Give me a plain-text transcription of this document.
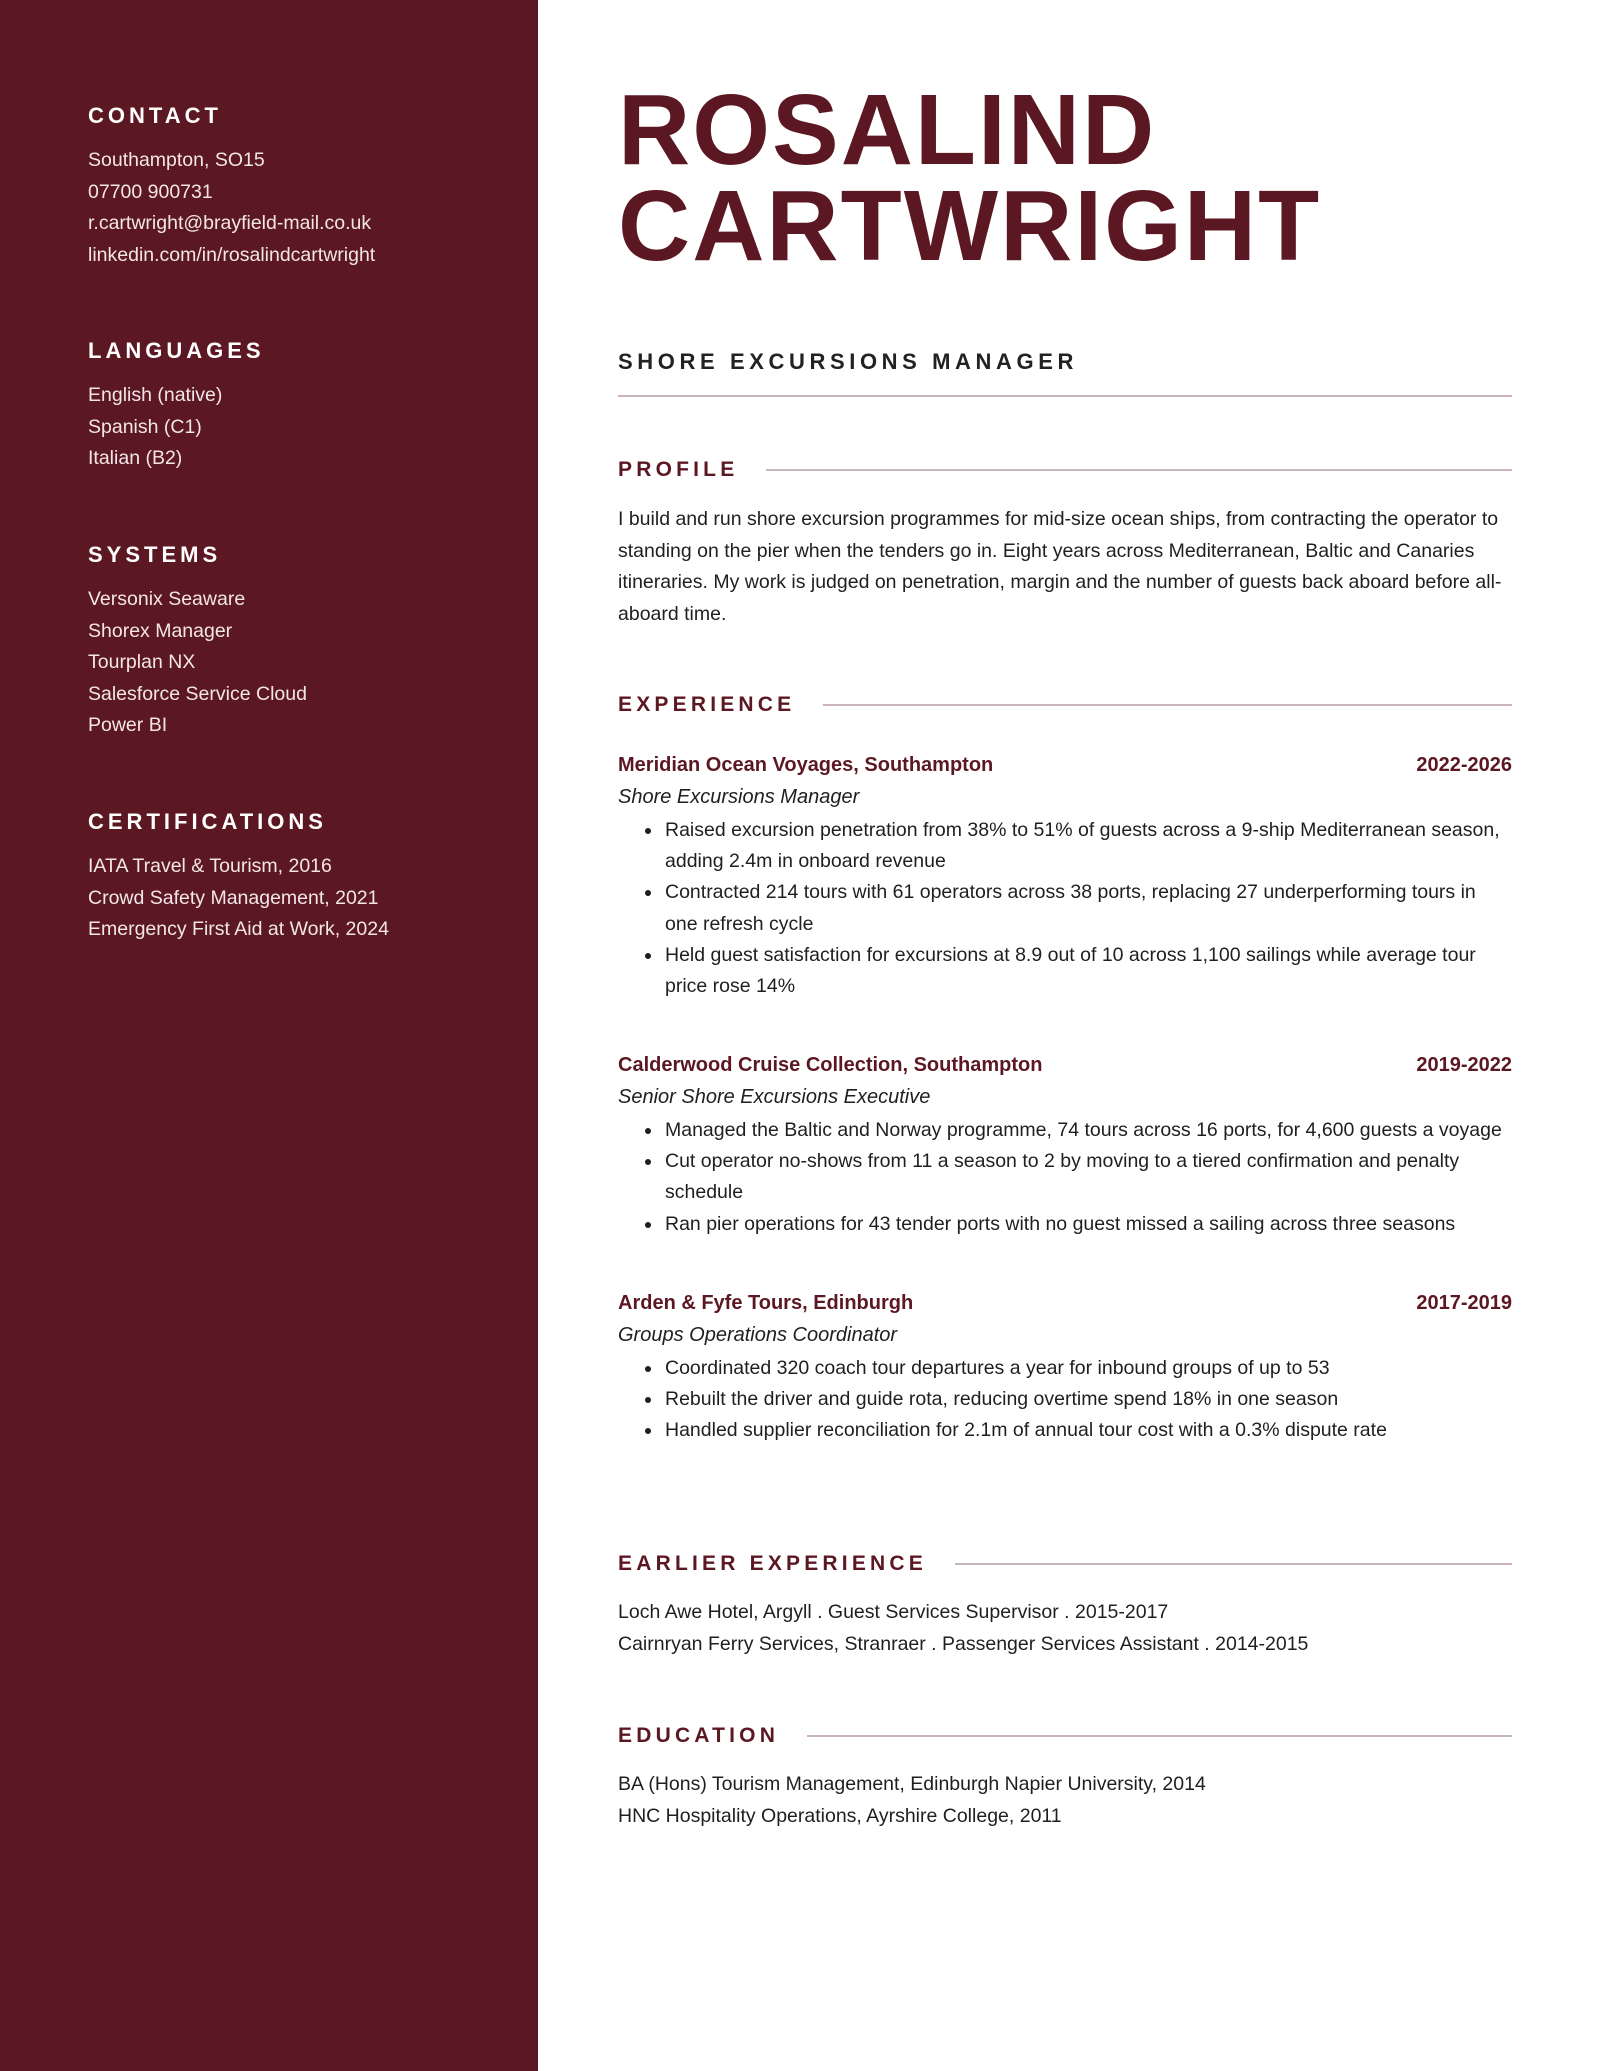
CONTACT
Southampton, SO15
07700 900731
r.cartwright@brayfield-mail.co.uk
linkedin.com/in/rosalindcartwright
LANGUAGES
English (native)
Spanish (C1)
Italian (B2)
SYSTEMS
Versonix Seaware
Shorex Manager
Tourplan NX
Salesforce Service Cloud
Power BI
CERTIFICATIONS
IATA Travel & Tourism, 2016
Crowd Safety Management, 2021
Emergency First Aid at Work, 2024
ROSALIND
CARTWRIGHT
SHORE EXCURSIONS MANAGER
PROFILE

I build and run shore excursion programmes for mid-size ocean ships, from contracting the operator to standing on the pier when the tenders go in. Eight years across Mediterranean, Baltic and Canaries itineraries. My work is judged on penetration, margin and the number of guests back aboard before all-aboard time.

EXPERIENCE
Meridian Ocean Voyages, Southampton	2022-2026
Shore Excursions Manager
Raised excursion penetration from 38% to 51% of guests across a 9-ship Mediterranean season, adding 2.4m in onboard revenue
Contracted 214 tours with 61 operators across 38 ports, replacing 27 underperforming tours in one refresh cycle
Held guest satisfaction for excursions at 8.9 out of 10 across 1,100 sailings while average tour price rose 14%
Calderwood Cruise Collection, Southampton	2019-2022
Senior Shore Excursions Executive
Managed the Baltic and Norway programme, 74 tours across 16 ports, for 4,600 guests a voyage
Cut operator no-shows from 11 a season to 2 by moving to a tiered confirmation and penalty schedule
Ran pier operations for 43 tender ports with no guest missed a sailing across three seasons
Arden & Fyfe Tours, Edinburgh	2017-2019
Groups Operations Coordinator
Coordinated 320 coach tour departures a year for inbound groups of up to 53
Rebuilt the driver and guide rota, reducing overtime spend 18% in one season
Handled supplier reconciliation for 2.1m of annual tour cost with a 0.3% dispute rate
EARLIER EXPERIENCE
Loch Awe Hotel, Argyll . Guest Services Supervisor . 2015-2017
Cairnryan Ferry Services, Stranraer . Passenger Services Assistant . 2014-2015
EDUCATION
BA (Hons) Tourism Management, Edinburgh Napier University, 2014
HNC Hospitality Operations, Ayrshire College, 2011
